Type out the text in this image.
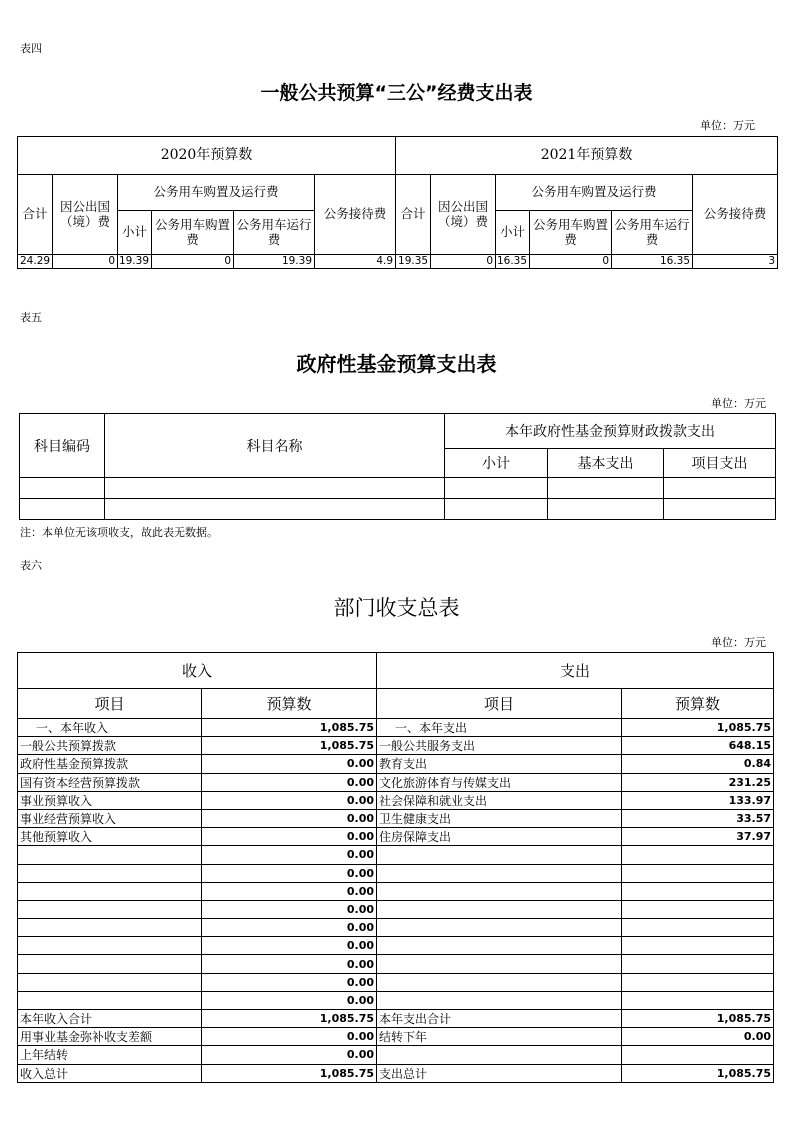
表四
一般公共预算“三公”经费支出表
单位：万元
2020年预算数						2021年预算数					
合计	因公出国（境）费	公务用车购置及运行费			公务接待费	合计	因公出国（境）费	公务用车购置及运行费			公务接待费
		小计	公务用车购置费	公务用车运行费				小计	公务用车购置费	公务用车运行费	
24.29	0	19.39	0	19.39	4.9	19.35	0	16.35	0	16.35	3
表五
政府性基金预算支出表
单位：万元
科目编码	科目名称	本年政府性基金预算财政拨款支出		
		小计	基本支出	项目支出

注：本单位无该项收支，故此表无数据。
表六
部门收支总表
单位：万元
收入		支出	
项目	预算数	项目	预算数
一、本年收入	1,085.75	一、本年支出	1,085.75
一般公共预算拨款	1,085.75	一般公共服务支出	648.15
政府性基金预算拨款	0.00	教育支出	0.84
国有资本经营预算拨款	0.00	文化旅游体育与传媒支出	231.25
事业预算收入	0.00	社会保障和就业支出	133.97
事业经营预算收入	0.00	卫生健康支出	33.57
其他预算收入	0.00	住房保障支出	37.97
	0.00		
	0.00		
	0.00		
	0.00		
	0.00		
	0.00		
	0.00		
	0.00		
	0.00		
本年收入合计	1,085.75	本年支出合计	1,085.75
用事业基金弥补收支差额	0.00	结转下年	0.00
上年结转	0.00		
收入总计	1,085.75	支出总计	1,085.75
